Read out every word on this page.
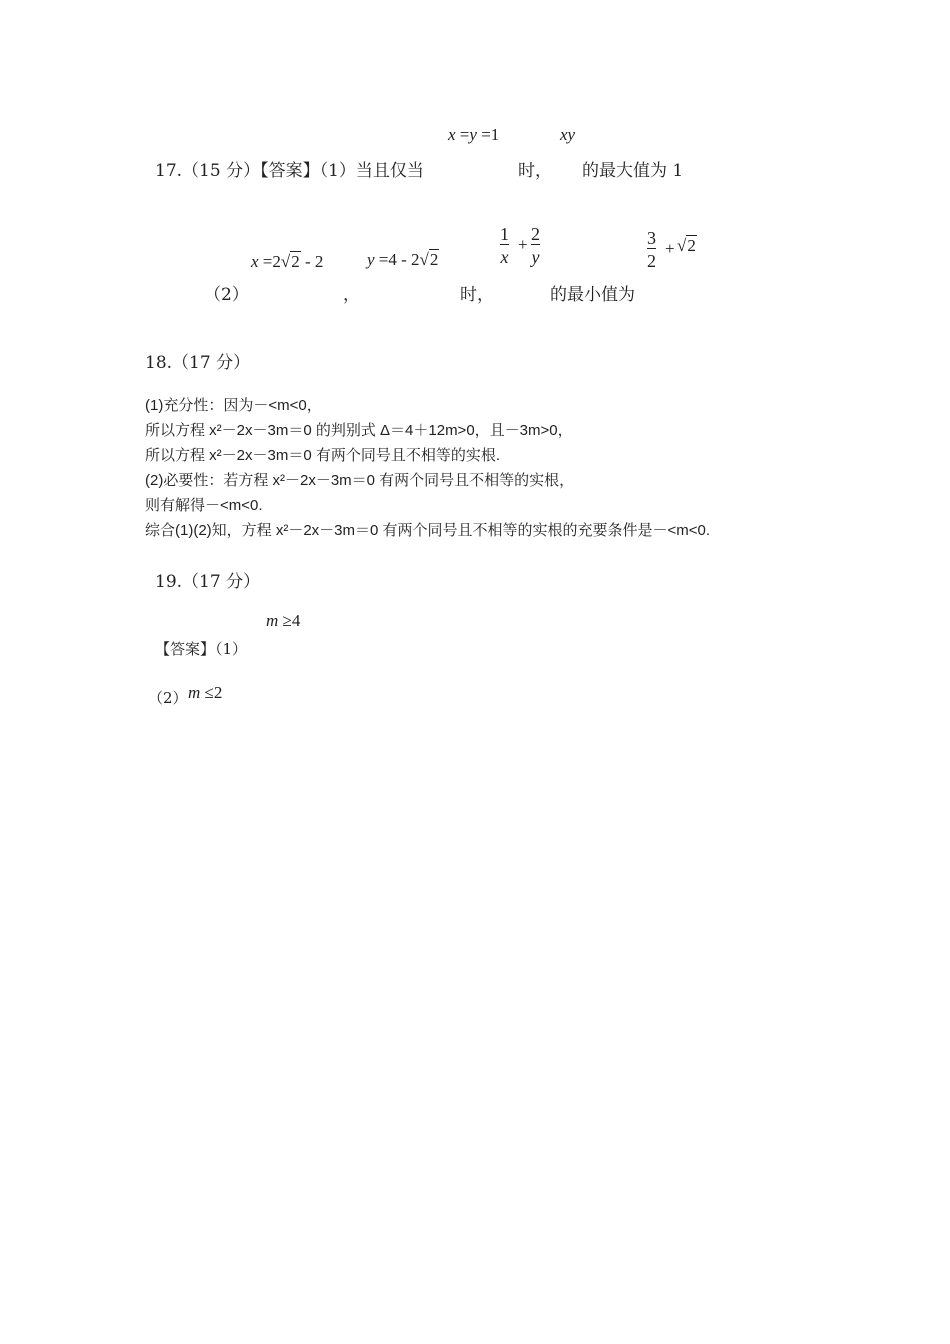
x =y =1	xy
17.（15 分）【答案】（1）当且仅当	时， 的最大值为 1
x =2√2 - 2	y =4 - 2√2	$\frac{1}{x} + \frac{2}{y}$	$\frac{3}{2} + √2$
（2）	，	时，	的最小值为
18.（17 分）
(1)充分性：因为－<m<0，
所以方程 x²－2x－3m＝0 的判别式 Δ＝4＋12m>0，且－3m>0，
所以方程 x²－2x－3m＝0 有两个同号且不相等的实根.
(2)必要性：若方程 x²－2x－3m＝0 有两个同号且不相等的实根，
则有解得－<m<0.
综合(1)(2)知，方程 x²－2x－3m＝0 有两个同号且不相等的实根的充要条件是－<m<0.
19.（17 分）
m ≥4
【答案】（1）
（2） m ≤2
